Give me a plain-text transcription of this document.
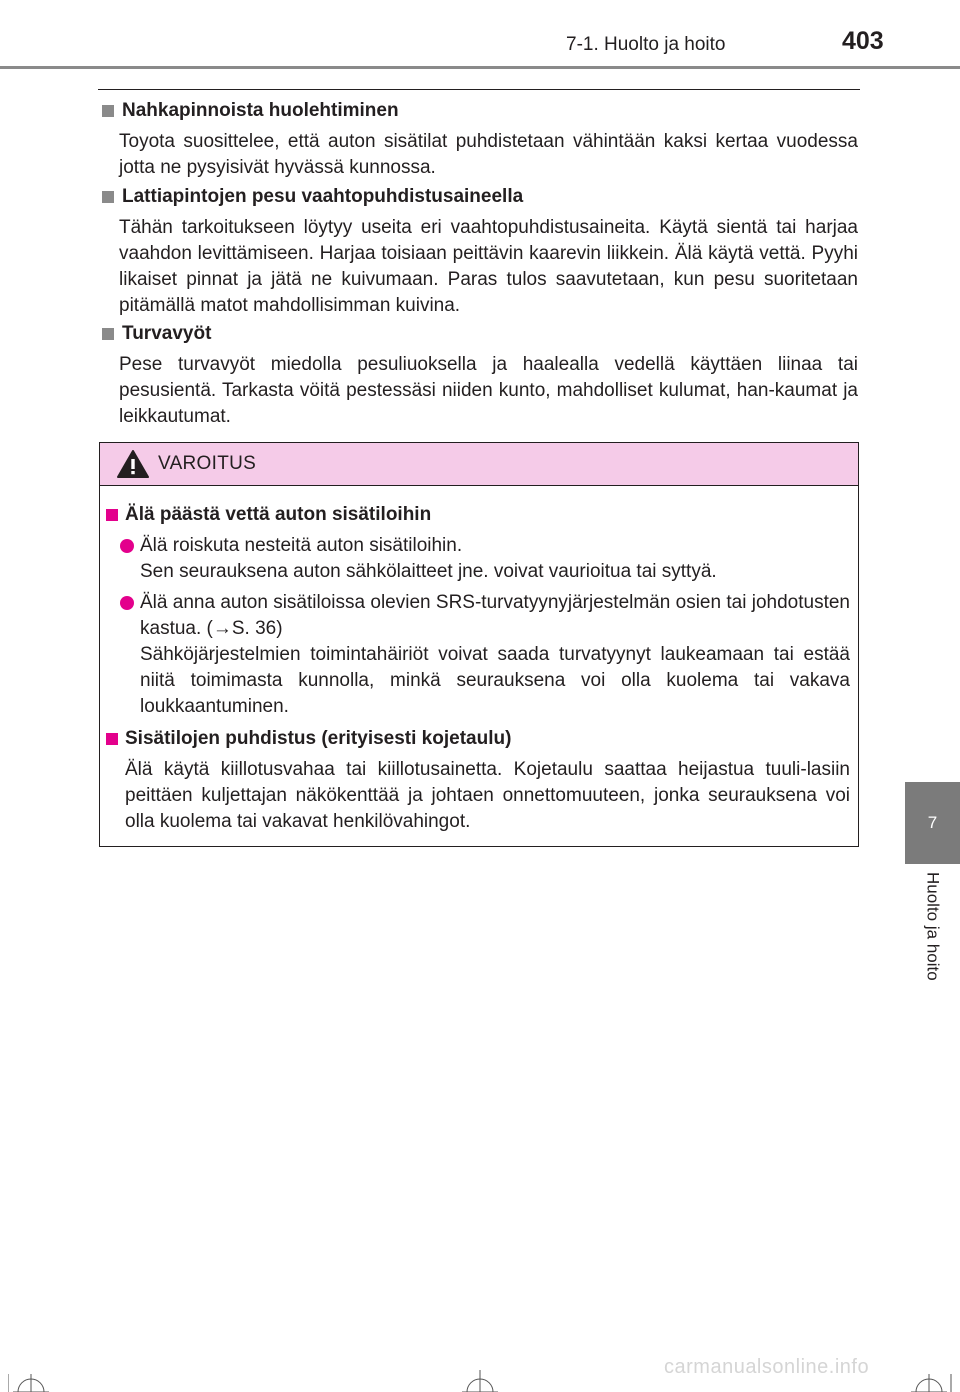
7-1. Huolto ja hoito	403
7
Huolto ja hoito
Nahkapinnoista huolehtiminen
Toyota suosittelee, että auton sisätilat puhdistetaan vähintään kaksi kertaa vuodessa jotta ne pysyisivät hyvässä kunnossa.
Lattiapintojen pesu vaahtopuhdistusaineella
Tähän tarkoitukseen löytyy useita eri vaahtopuhdistusaineita. Käytä sientä tai harjaa vaahdon levittämiseen. Harjaa toisiaan peittävin kaarevin liikkein. Älä käytä vettä. Pyyhi likaiset pinnat ja jätä ne kuivumaan. Paras tulos saavutetaan, kun pesu suoritetaan pitämällä matot mahdollisimman kuivina.
Turvavyöt
Pese turvavyöt miedolla pesuliuoksella ja haalealla vedellä käyttäen liinaa tai pesusientä. Tarkasta vöitä pestessäsi niiden kunto, mahdolliset kulumat, han-kaumat ja leikkautumat.
VAROITUS
Älä päästä vettä auton sisätiloihin
Älä roiskuta nesteitä auton sisätiloihin.
Sen seurauksena auton sähkölaitteet jne. voivat vaurioitua tai syttyä.
Älä anna auton sisätiloissa olevien SRS-turvatyynyjärjestelmän osien tai johdotusten kastua. (→S. 36)
Sähköjärjestelmien toimintahäiriöt voivat saada turvatyynyt laukeamaan tai estää niitä toimimasta kunnolla, minkä seurauksena voi olla kuolema tai vakava loukkaantuminen.
Sisätilojen puhdistus (erityisesti kojetaulu)
Älä käytä kiillotusvahaa tai kiillotusainetta. Kojetaulu saattaa heijastua tuuli-lasiin peittäen kuljettajan näkökenttää ja johtaen onnettomuuteen, jonka seurauksena voi olla kuolema tai vakavat henkilövahingot.
carmanualsonline.info
